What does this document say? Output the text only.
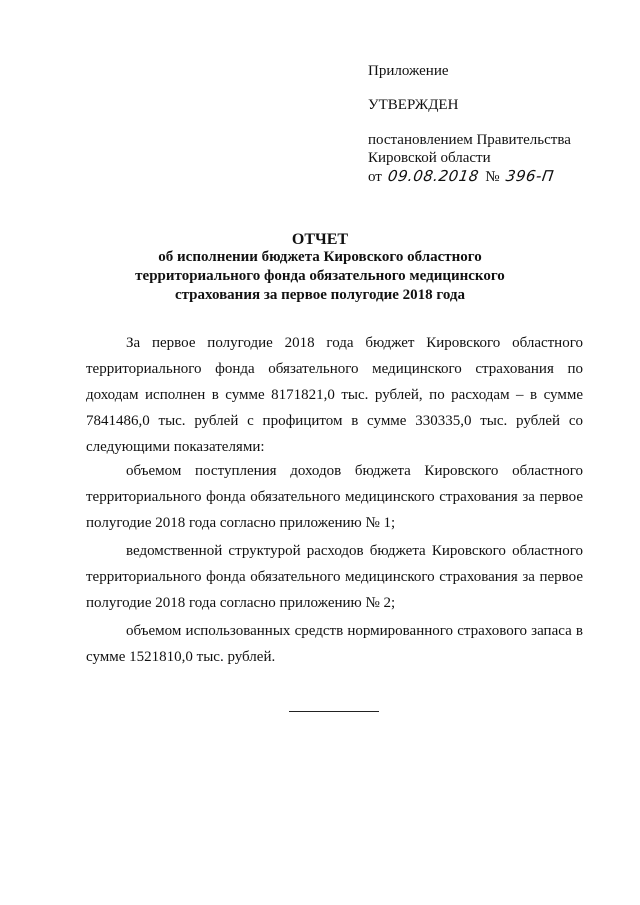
Приложение
УТВЕРЖДЕН
постановлением Правительства
Кировской области
от 09.08.2018 № 396-П
ОТЧЕТ
об исполнении бюджета Кировского областного
территориального фонда обязательного медицинского
страхования за первое полугодие 2018 года

За первое полугодие 2018 года бюджет Кировского областного территориального фонда обязательного медицинского страхования по доходам исполнен в сумме 8171821,0 тыс. рублей, по расходам – в сумме 7841486,0 тыс. рублей с профицитом в сумме 330335,0 тыс. рублей со следующими показателями:

объемом поступления доходов бюджета Кировского областного территориального фонда обязательного медицинского страхования за первое полугодие 2018 года согласно приложению № 1;

ведомственной структурой расходов бюджета Кировского областного территориального фонда обязательного медицинского страхования за первое полугодие 2018 года согласно приложению № 2;

объемом использованных средств нормированного страхового запаса в сумме 1521810,0 тыс. рублей.
